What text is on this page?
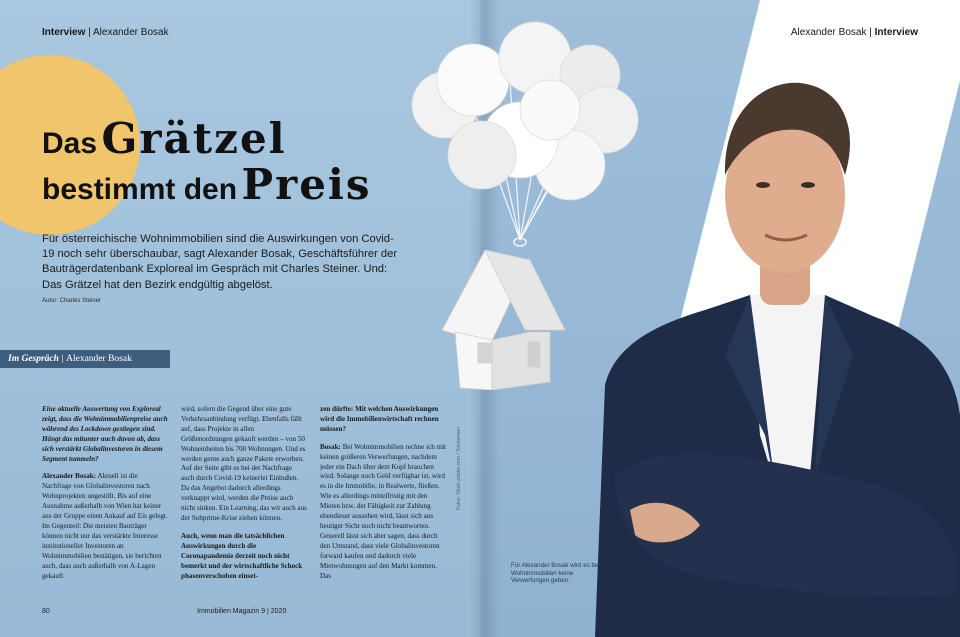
Interview | Alexander Bosak	Alexander Bosak | Interview
Das Grätzel
bestimmt den Preis
Für österreichische Wohnimmobilien sind die Auswirkungen von Covid-19 noch sehr überschaubar, sagt Alexander Bosak, Geschäftsführer der Bauträgerdatenbank Exploreal im Gespräch mit Charles Steiner. Und: Das Grätzel hat den Bezirk endgültig abgelöst.
Autor: Charles Steiner
Im Gespräch | Alexander Bosak

Eine aktuelle Auswertung von Exploreal zeigt, dass die Wohnimmobilienpreise auch während des Lockdown gestiegen sind. Hängt das mitunter auch davon ab, dass sich verstärkt Globalinvestoren in diesem Segment tummeln?

Alexander Bosak: Aktuell ist die Nachfrage von Globalinvestoren nach Wohnprojekten ungestillt. Bis auf eine Ausnahme außerhalb von Wien hat keiner aus der Gruppe einen Ankauf auf Eis gelegt. Im Gegenteil: Die meisten Bauträger können nicht nur das verstärkte Interesse institutioneller Investoren an Wohnimmobilien bestätigen, sie berichten auch, dass auch außerhalb von A-Lagen gekauft

wird, sofern die Gegend über eine gute Verkehrsanbindung verfügt. Ebenfalls fällt auf, dass Projekte in allen Größenordnungen gekauft werden – von 50 Wohneinheiten bis 700 Wohnungen. Und es werden gerne auch ganze Pakete erworben. Auf der Seite gibt es bei der Nachfrage auch durch Covid-19 keinerlei Einbußen. Da das Angebot dadurch allerdings verknappt wird, werden die Preise auch nicht sinken. Ein Learning, das wir auch aus der Subprime-Krise ziehen können.

Auch, wenn man die tatsächlichen Auswirkungen durch die Coronapandemie derzeit noch nicht bemerkt und der wirtschaftliche Schock phasenverschoben einset-

zen dürfte: Mit welchen Auswirkungen wird die Immobilienwirtschaft rechnen müssen?

Bosak: Bei Wohnimmobilien rechne ich mit keinen größeren Verwerfungen, nachdem jeder ein Dach über dem Kopf brauchen wird. Solange noch Geld verfügbar ist, wird es in die Immobilie, in Realwerte, fließen. Wie es allerdings mittelfristig mit den Mieten bzw. der Fähigkeit zur Zahlung ebendieser aussehen wird, lässt sich aus heutiger Sicht noch nicht beantworten. Generell lässt sich aber sagen, dass durch den Umstand, dass viele Globalinvestoren forward kaufen und dadurch viele Mietwohnungen auf den Markt kommen. Das

Fotos: Stock.adobe.com / Sneiberwer
Für Alexander Bosak wird es bei Wohnimmobilien keine Verwerfungen geben.
80	Immobilien Magazin 9 | 2020
